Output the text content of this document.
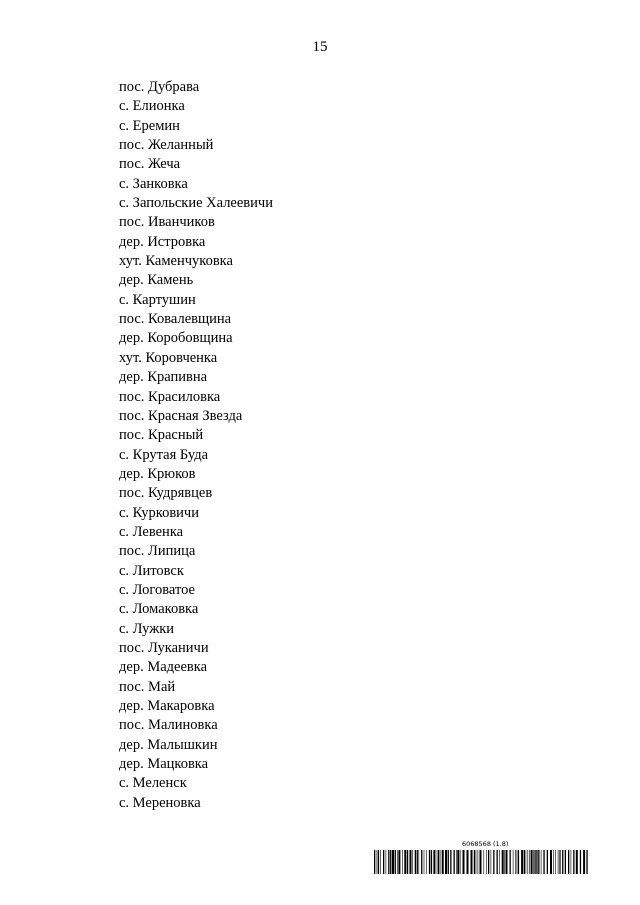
15
пос. Дубрава
с. Елионка
с. Еремин
пос. Желанный
пос. Жеча
с. Занковка
с. Запольские Халеевичи
пос. Иванчиков
дер. Истровка
хут. Каменчуковка
дер. Камень
с. Картушин
пос. Ковалевщина
дер. Коробовщина
хут. Коровченка
дер. Крапивна
пос. Красиловка
пос. Красная Звезда
пос. Красный
с. Крутая Буда
дер. Крюков
пос. Кудрявцев
с. Курковичи
с. Левенка
пос. Липица
с. Литовск
с. Логоватое
с. Ломаковка
с. Лужки
пос. Луканичи
дер. Мадеевка
пос. Май
дер. Макаровка
пос. Малиновка
дер. Малышкин
дер. Мацковка
с. Меленск
с. Мереновка
6068568 (1.8)
